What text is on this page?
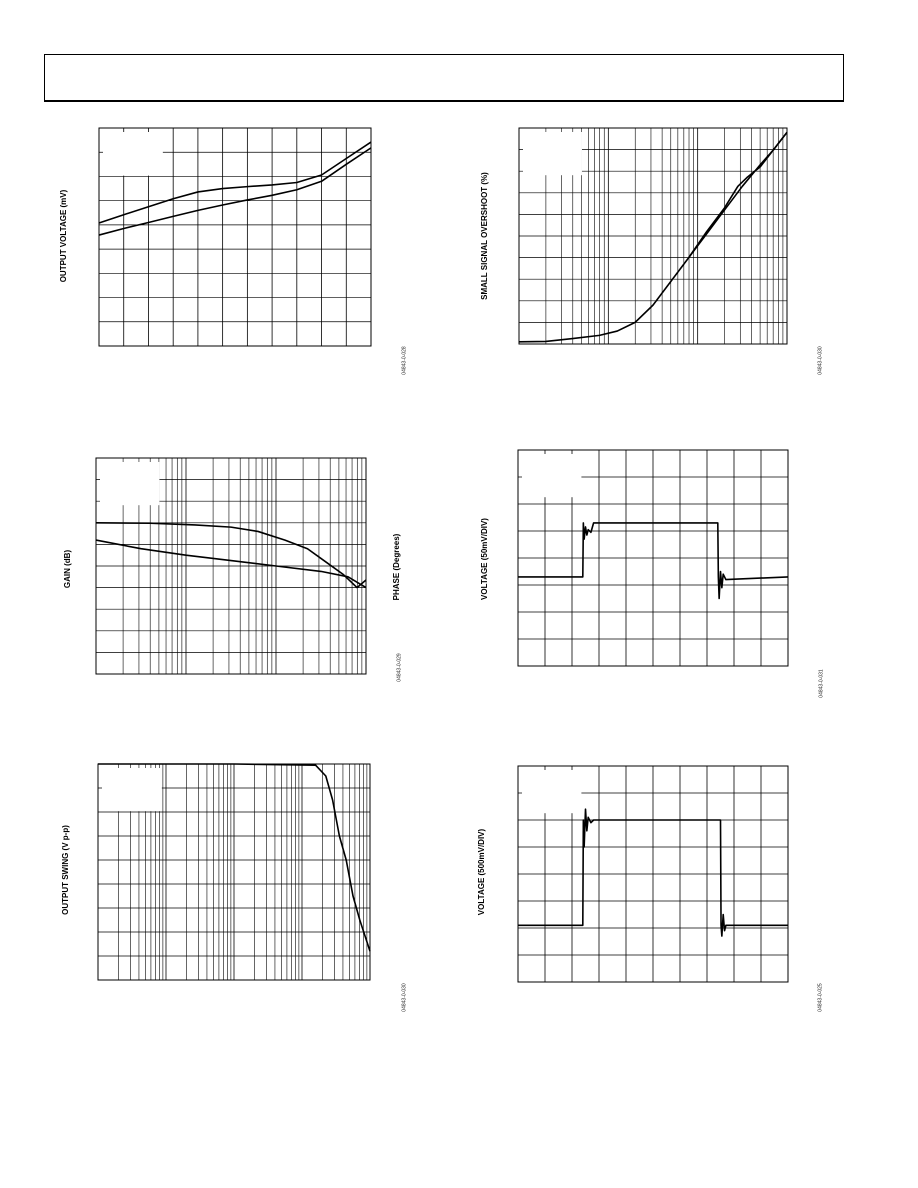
OUTPUT VOLTAGE (mV)
04843-0-028
SMALL SIGNAL OVERSHOOT (%)
04843-0-030
GAIN (dB)	PHASE (Degrees)
04843-0-029
VOLTAGE (50mV/DIV)
04843-0-031
OUTPUT SWING (V p-p)
04843-0-030
VOLTAGE (500mV/DIV)
04843-0-025
